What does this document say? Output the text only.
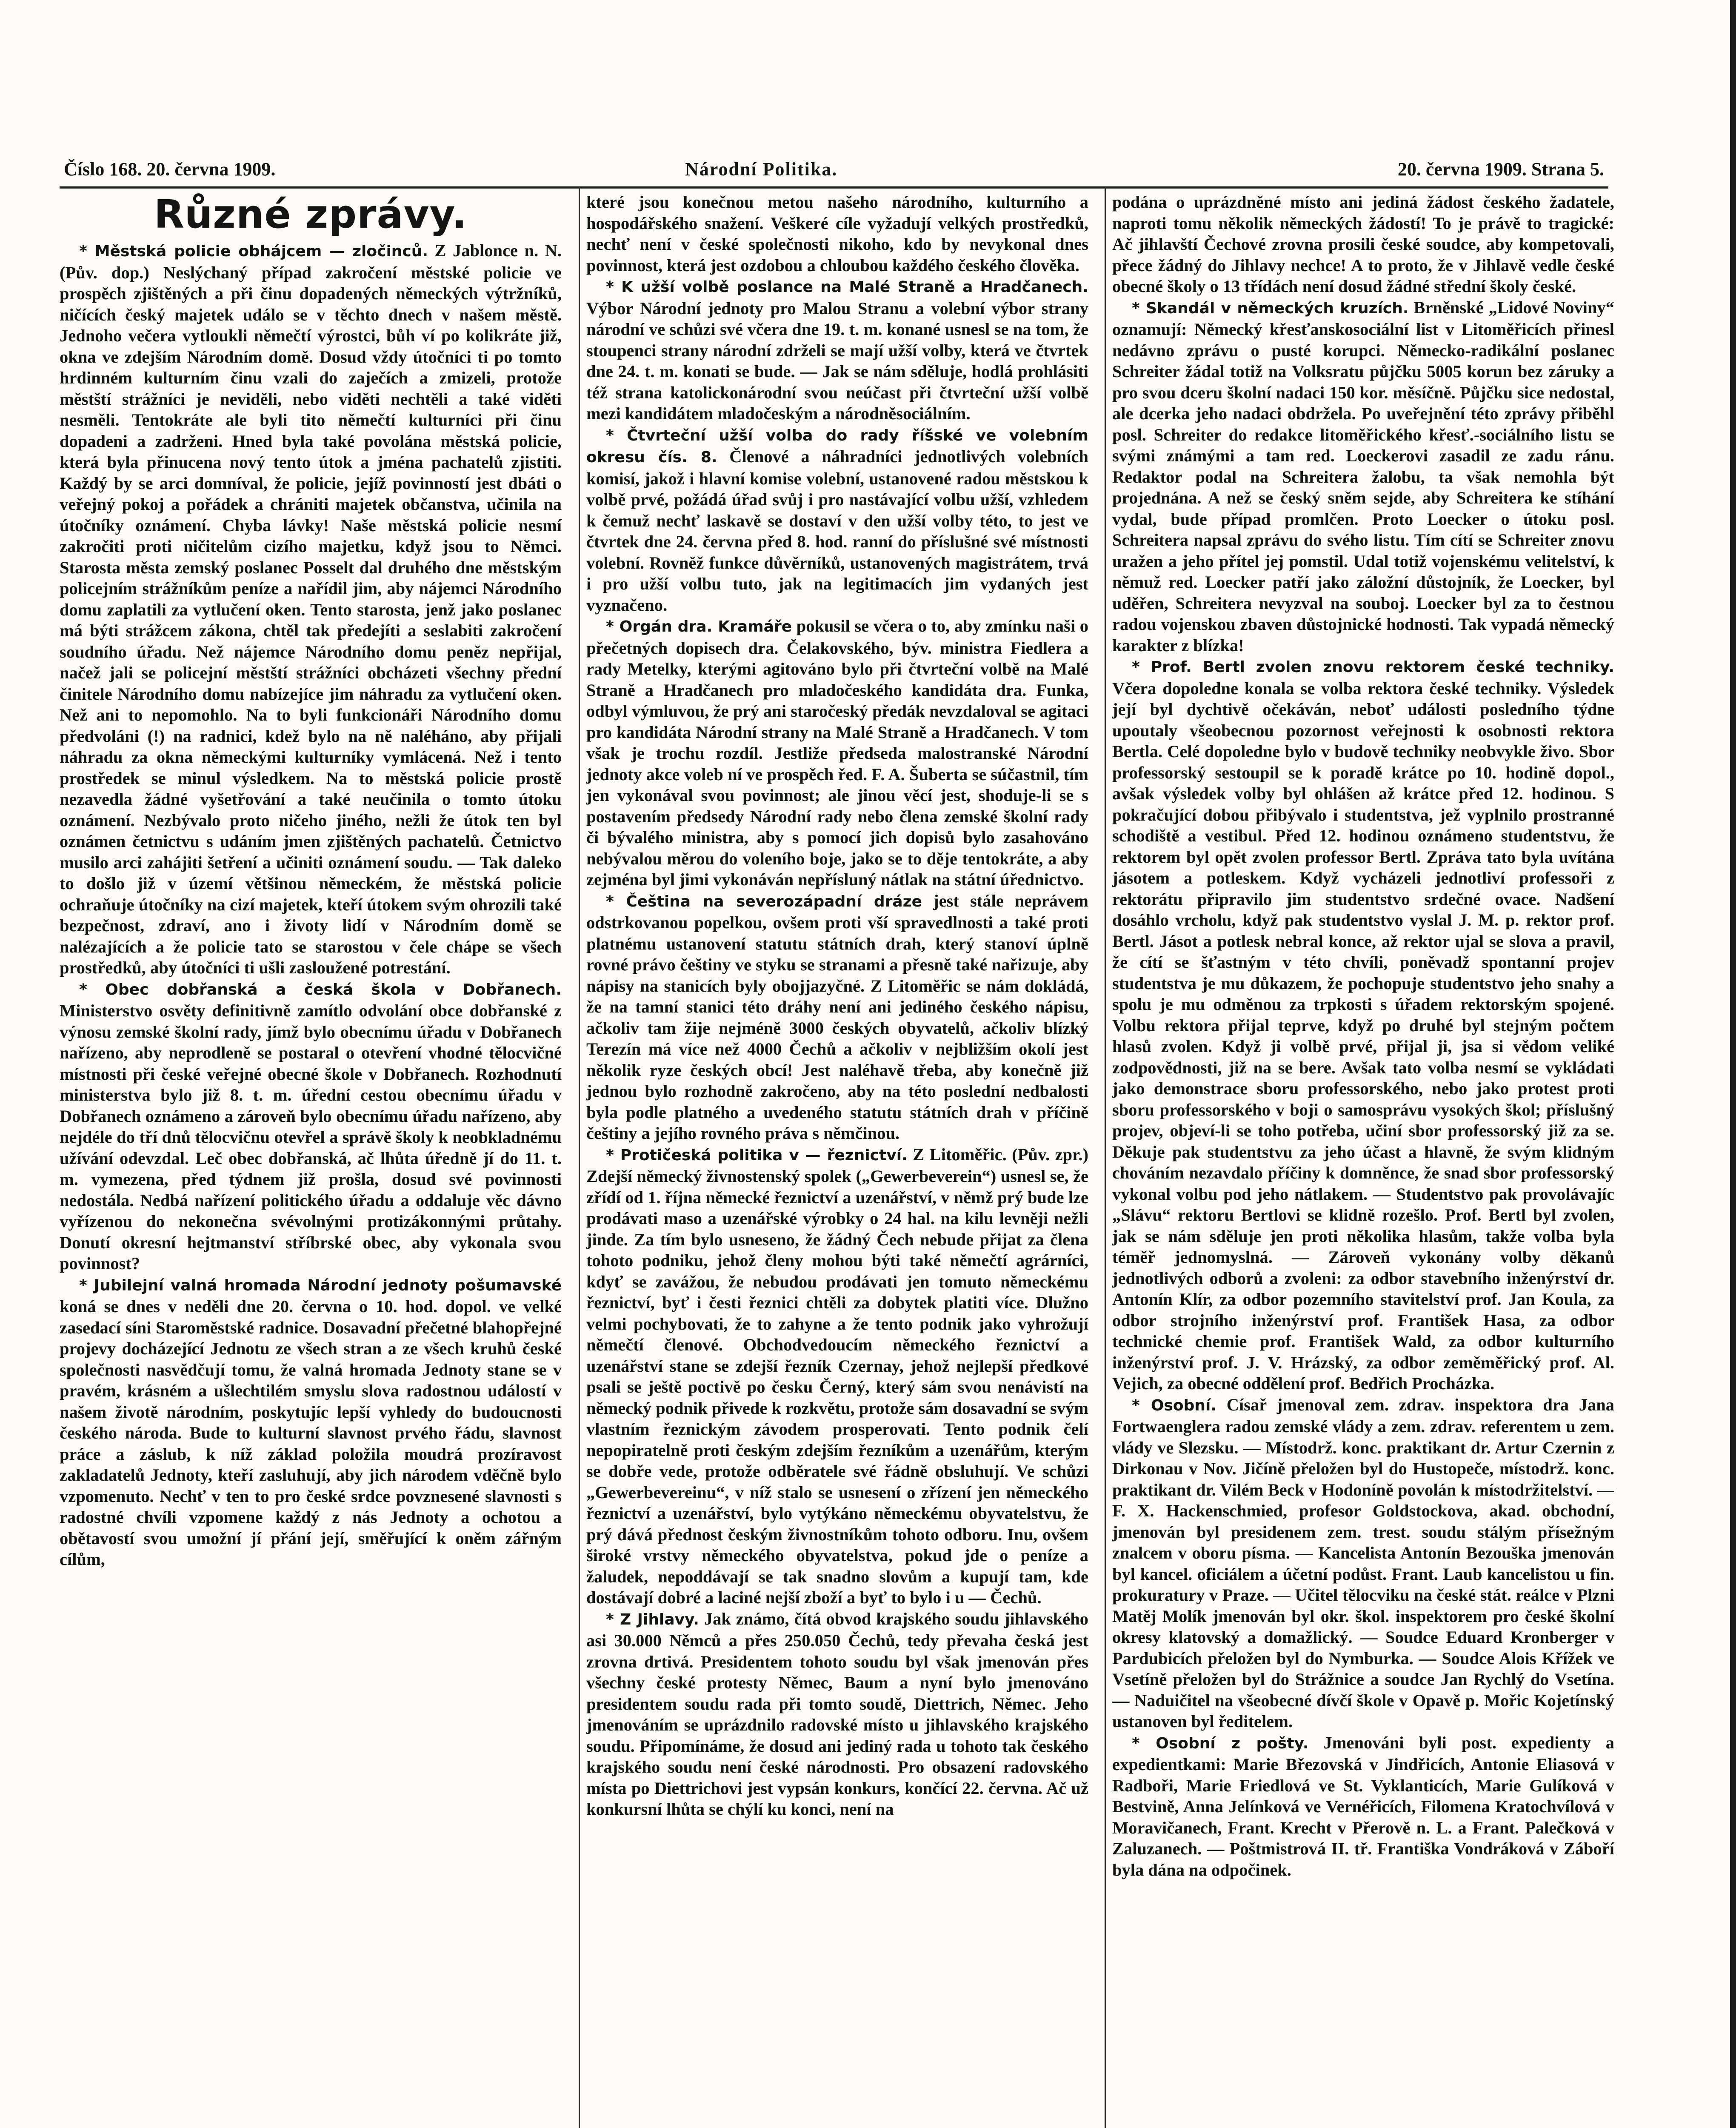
Číslo 168. 20. června 1909.	Národní Politika.	20. června 1909. Strana 5.
Různé zprávy.

* Městská policie obhájcem — zločinců. Z Jablonce n. N. (Pův. dop.) Neslýchaný případ zakročení městské policie ve prospěch zjištěných a při činu dopadených německých výtržníků, ničících český majetek událo se v těchto dnech v našem městě. Jednoho večera vytloukli němečtí výrostci, bůh ví po kolikráte již, okna ve zdejším Národním domě. Dosud vždy útočníci ti po tomto hrdinném kulturním činu vzali do zaječích a zmizeli, protože městští strážníci je neviděli, nebo viděti nechtěli a také viděti nesměli. Tentokráte ale byli tito němečtí kulturníci při činu dopadeni a zadrženi. Hned byla také povolána městská policie, která byla přinucena nový tento útok a jména pachatelů zjistiti. Každý by se arci domníval, že policie, jejíž povinností jest dbáti o veřejný pokoj a pořádek a chrániti majetek občanstva, učinila na útočníky oznámení. Chyba lávky! Naše městská policie nesmí zakročiti proti ničitelům cizího majetku, když jsou to Němci. Starosta města zemský poslanec Posselt dal druhého dne městským policejním strážníkům peníze a nařídil jim, aby nájemci Národního domu zaplatili za vytlučení oken. Tento starosta, jenž jako poslanec má býti strážcem zákona, chtěl tak předejíti a seslabiti zakročení soudního úřadu. Než nájemce Národního domu peněz nepřijal, načež jali se policejní městští strážníci obcházeti všechny přední činitele Národního domu nabízejíce jim náhradu za vytlučení oken. Než ani to nepomohlo. Na to byli funkcionáři Národního domu předvoláni (!) na radnici, kdež bylo na ně naléháno, aby přijali náhradu za okna německými kulturníky vymlácená. Než i tento prostředek se minul výsledkem. Na to městská policie prostě nezavedla žádné vyšetřování a také neučinila o tomto útoku oznámení. Nezbývalo proto ničeho jiného, nežli že útok ten byl oznámen četnictvu s udáním jmen zjištěných pachatelů. Četnictvo musilo arci zahájiti šetření a učiniti oznámení soudu. — Tak daleko to došlo již v území většinou německém, že městská policie ochraňuje útočníky na cizí majetek, kteří útokem svým ohrozili také bezpečnost, zdraví, ano i životy lidí v Národním domě se nalézajících a že policie tato se starostou v čele chápe se všech prostředků, aby útočníci ti ušli zasloužené potrestání.

* Obec dobřanská a česká škola v Dobřanech. Ministerstvo osvěty definitivně zamítlo odvolání obce dobřanské z výnosu zemské školní rady, jímž bylo obecnímu úřadu v Dobřanech nařízeno, aby neprodleně se postaral o otevření vhodné tělocvičné místnosti při české veřejné obecné škole v Dobřanech. Rozhodnutí ministerstva bylo již 8. t. m. úřední cestou obecnímu úřadu v Dobřanech oznámeno a zároveň bylo obecnímu úřadu nařízeno, aby nejdéle do tří dnů tělocvičnu otevřel a správě školy k neobkladnému užívání odevzdal. Leč obec dobřanská, ač lhůta úředně jí do 11. t. m. vymezena, před týdnem již prošla, dosud své povinnosti nedostála. Nedbá nařízení politického úřadu a oddaluje věc dávno vyřízenou do nekonečna svévolnými protizákonnými průtahy. Donutí okresní hejtmanství stříbrské obec, aby vykonala svou povinnost?

* Jubilejní valná hromada Národní jednoty pošumavské koná se dnes v neděli dne 20. června o 10. hod. dopol. ve velké zasedací síni Staroměstské radnice. Dosavadní přečetné blahopřejné projevy docházející Jednotu ze všech stran a ze všech kruhů české společnosti nasvědčují tomu, že valná hromada Jednoty stane se v pravém, krásném a ušlechtilém smyslu slova radostnou událostí v našem životě národním, poskytujíc lepší vyhledy do budoucnosti českého národa. Bude to kulturní slavnost prvého řádu, slavnost práce a záslub, k níž základ položila moudrá prozíravost zakladatelů Jednoty, kteří zasluhují, aby jich národem vděčně bylo vzpomenuto. Nechť v ten to pro české srdce povznesené slavnosti s radostné chvíli vzpomene každý z nás Jednoty a ochotou a obětavostí svou umožní jí přání její, směřující k oněm zářným cílům,

které jsou konečnou metou našeho národního, kulturního a hospodářského snažení. Veškeré cíle vyžadují velkých prostředků, nechť není v české společnosti nikoho, kdo by nevykonal dnes povinnost, která jest ozdobou a chloubou každého českého člověka.

* K užší volbě poslance na Malé Straně a Hradčanech. Výbor Národní jednoty pro Malou Stranu a volební výbor strany národní ve schůzi své včera dne 19. t. m. konané usnesl se na tom, že stoupenci strany národní zdrželi se mají užší volby, která ve čtvrtek dne 24. t. m. konati se bude. — Jak se nám sděluje, hodlá prohlásiti též strana katolickonárodní svou neúčast při čtvrteční užší volbě mezi kandidátem mladočeským a národněsociálním.

* Čtvrteční užší volba do rady říšské ve volebním okresu čís. 8. Členové a náhradníci jednotlivých volebních komisí, jakož i hlavní komise volební, ustanovené radou městskou k volbě prvé, požádá úřad svůj i pro nastávající volbu užší, vzhledem k čemuž nechť laskavě se dostaví v den užší volby této, to jest ve čtvrtek dne 24. června před 8. hod. ranní do příslušné své místnosti volební. Rovněž funkce důvěrníků, ustanovených magistrátem, trvá i pro užší volbu tuto, jak na legitimacích jim vydaných jest vyznačeno.

* Orgán dra. Kramáře pokusil se včera o to, aby zmínku naši o přečetných dopisech dra. Čelakovského, býv. ministra Fiedlera a rady Metelky, kterými agitováno bylo při čtvrteční volbě na Malé Straně a Hradčanech pro mladočeského kandidáta dra. Funka, odbyl výmluvou, že prý ani staročeský předák nevzdaloval se agitaci pro kandidáta Národní strany na Malé Straně a Hradčanech. V tom však je trochu rozdíl. Jestliže předseda malostranské Národní jednoty akce voleb ní ve prospěch řed. F. A. Šuberta se súčastnil, tím jen vykonával svou povinnost; ale jinou věcí jest, shoduje-li se s postavením předsedy Národní rady nebo člena zemské školní rady či bývalého ministra, aby s pomocí jich dopisů bylo zasahováno nebývalou měrou do voleního boje, jako se to děje tentokráte, a aby zejména byl jimi vykonáván nepřísluný nátlak na státní úřednictvo.

* Čeština na severozápadní dráze jest stále neprávem odstrkovanou popelkou, ovšem proti vší spravedlnosti a také proti platnému ustanovení statutu státních drah, který stanoví úplně rovné právo češtiny ve styku se stranami a přesně také nařizuje, aby nápisy na stanicích byly obojjazyčné. Z Litoměřic se nám dokládá, že na tamní stanici této dráhy není ani jediného českého nápisu, ačkoliv tam žije nejméně 3000 českých obyvatelů, ačkoliv blízký Terezín má více než 4000 Čechů a ačkoliv v nejbližším okolí jest několik ryze českých obcí! Jest naléhavě třeba, aby konečně již jednou bylo rozhodně zakročeno, aby na této poslední nedbalosti byla podle platného a uvedeného statutu státních drah v příčině češtiny a jejího rovného práva s němčinou.

* Protičeská politika v — řeznictví. Z Litoměřic. (Pův. zpr.) Zdejší německý živnostenský spolek („Gewerbeverein“) usnesl se, že zřídí od 1. října německé řeznictví a uzenářství, v němž prý bude lze prodávati maso a uzenářské výrobky o 24 hal. na kilu levněji nežli jinde. Za tím bylo usneseno, že žádný Čech nebude přijat za člena tohoto podniku, jehož členy mohou býti také němečtí agrárníci, kdyť se zavážou, že nebudou prodávati jen tomuto německému řeznictví, byť i česti řeznici chtěli za dobytek platiti více. Dlužno velmi pochybovati, že to zahyne a že tento podnik jako vyhrožují němečtí členové. Obchodvedoucím německého řeznictví a uzenářství stane se zdejší řezník Czernay, jehož nejlepší předkové psali se ještě poctivě po česku Černý, který sám svou nenávistí na německý podnik přivede k rozkvětu, protože sám dosavadní se svým vlastním řeznickým závodem prosperovati. Tento podnik čelí nepopiratelně proti českým zdejším řezníkům a uzenářům, kterým se dobře vede, protože odběratele své řádně obsluhují. Ve schůzi „Gewerbevereinu“, v níž stalo se usnesení o zřízení jen německého řeznictví a uzenářství, bylo vytýkáno německému obyvatelstvu, že prý dává přednost českým živnostníkům tohoto odboru. Inu, ovšem široké vrstvy německého obyvatelstva, pokud jde o peníze a žaludek, nepoddávají se tak snadno slovům a kupují tam, kde dostávají dobré a laciné nejší zboží a byť to bylo i u — Čechů.

* Z Jihlavy. Jak známo, čítá obvod krajského soudu jihlavského asi 30.000 Němců a přes 250.050 Čechů, tedy převaha česká jest zrovna drtivá. Presidentem tohoto soudu byl však jmenován přes všechny české protesty Němec, Baum a nyní bylo jmenováno presidentem soudu rada při tomto soudě, Diettrich, Němec. Jeho jmenováním se uprázdnilo radovské místo u jihlavského krajského soudu. Připomínáme, že dosud ani jediný rada u tohoto tak českého krajského soudu není české národnosti. Pro obsazení radovského místa po Diettrichovi jest vypsán konkurs, končící 22. června. Ač už konkursní lhůta se chýlí ku konci, není na

podána o uprázdněné místo ani jediná žádost českého žadatele, naproti tomu několik německých žádostí! To je právě to tragické: Ač jihlavští Čechové zrovna prosili české soudce, aby kompetovali, přece žádný do Jihlavy nechce! A to proto, že v Jihlavě vedle české obecné školy o 13 třídách není dosud žádné střední školy české.

* Skandál v německých kruzích. Brněnské „Lidové Noviny“ oznamují: Německý křesťanskosociální list v Litoměřicích přinesl nedávno zprávu o pusté korupci. Německo-radikální poslanec Schreiter žádal totiž na Volksratu půjčku 5005 korun bez záruky a pro svou dceru školní nadaci 150 kor. měsíčně. Půjčku sice nedostal, ale dcerka jeho nadaci obdržela. Po uveřejnění této zprávy přiběhl posl. Schreiter do redakce litoměřického křesť.-sociálního listu se svými známými a tam red. Loeckerovi zasadil ze zadu ránu. Redaktor podal na Schreitera žalobu, ta však nemohla být projednána. A než se český sněm sejde, aby Schreitera ke stíhání vydal, bude případ promlčen. Proto Loecker o útoku posl. Schreitera napsal zprávu do svého listu. Tím cítí se Schreiter znovu uražen a jeho přítel jej pomstil. Udal totiž vojenskému velitelství, k němuž red. Loecker patří jako záložní důstojník, že Loecker, byl uděřen, Schreitera nevyzval na souboj. Loecker byl za to čestnou radou vojenskou zbaven důstojnické hodnosti. Tak vypadá německý karakter z blízka!

* Prof. Bertl zvolen znovu rektorem české techniky. Včera dopoledne konala se volba rektora české techniky. Výsledek její byl dychtivě očekáván, neboť události posledního týdne upoutaly všeobecnou pozornost veřejnosti k osobnosti rektora Bertla. Celé dopoledne bylo v budově techniky neobvykle živo. Sbor professorský sestoupil se k poradě krátce po 10. hodině dopol., avšak výsledek volby byl ohlášen až krátce před 12. hodinou. S pokračující dobou přibývalo i studentstva, jež vyplnilo prostranné schodiště a vestibul. Před 12. hodinou oznámeno studentstvu, že rektorem byl opět zvolen professor Bertl. Zpráva tato byla uvítána jásotem a potleskem. Když vycházeli jednotliví professoři z rektorátu připravilo jim studentstvo srdečné ovace. Nadšení dosáhlo vrcholu, když pak studentstvo vyslal J. M. p. rektor prof. Bertl. Jásot a potlesk nebral konce, až rektor ujal se slova a pravil, že cítí se šťastným v této chvíli, poněvadž spontanní projev studentstva je mu důkazem, že pochopuje studentstvo jeho snahy a spolu je mu odměnou za trpkosti s úřadem rektorským spojené. Volbu rektora přijal teprve, když po druhé byl stejným počtem hlasů zvolen. Když ji volbě prvé, přijal ji, jsa si vědom veliké zodpovědnosti, již na se bere. Avšak tato volba nesmí se vykládati jako demonstrace sboru professorského, nebo jako protest proti sboru professorského v boji o samosprávu vysokých škol; příslušný projev, objeví-li se toho potřeba, učiní sbor professorský již za se. Děkuje pak studentstvu za jeho účast a hlavně, že svým klidným chováním nezavdalo příčiny k domněnce, že snad sbor professorský vykonal volbu pod jeho nátlakem. — Studentstvo pak provolávajíc „Slávu“ rektoru Bertlovi se klidně rozešlo. Prof. Bertl byl zvolen, jak se nám sděluje jen proti několika hlasům, takže volba byla téměř jednomyslná. — Zároveň vykonány volby děkanů jednotlivých odborů a zvoleni: za odbor stavebního inženýrství dr. Antonín Klír, za odbor pozemního stavitelství prof. Jan Koula, za odbor strojního inženýrství prof. František Hasa, za odbor technické chemie prof. František Wald, za odbor kulturního inženýrství prof. J. V. Hrázský, za odbor zeměměřický prof. Al. Vejich, za obecné oddělení prof. Bedřich Procházka.

* Osobní. Císař jmenoval zem. zdrav. inspektora dra Jana Fortwaenglera radou zemské vlády a zem. zdrav. referentem u zem. vlády ve Slezsku. — Místodrž. konc. praktikant dr. Artur Czernin z Dirkonau v Nov. Jičíně přeložen byl do Hustopeče, místodrž. konc. praktikant dr. Vilém Beck v Hodoníně povolán k místodržitelství. — F. X. Hackenschmied, profesor Goldstockova, akad. obchodní, jmenován byl presidenem zem. trest. soudu stálým přísežným znalcem v oboru písma. — Kancelista Antonín Bezouška jmenován byl kancel. oficiálem a účetní podůst. Frant. Laub kancelistou u fin. prokuratury v Praze. — Učitel tělocviku na české stát. reálce v Plzni Matěj Molík jmenován byl okr. škol. inspektorem pro české školní okresy klatovský a domažlický. — Soudce Eduard Kronberger v Pardubicích přeložen byl do Nymburka. — Soudce Alois Křížek ve Vsetíně přeložen byl do Strážnice a soudce Jan Rychlý do Vsetína. — Naduičitel na všeobecné dívčí škole v Opavě p. Mořic Kojetínský ustanoven byl ředitelem.

* Osobní z pošty. Jmenováni byli post. expedienty a expedientkami: Marie Březovská v Jindřicích, Antonie Eliasová v Radboři, Marie Friedlová ve St. Vyklanticích, Marie Gulíková v Bestvině, Anna Jelínková ve Vernéřicích, Filomena Kratochvílová v Moravičanech, Frant. Krecht v Přerově n. L. a Frant. Palečková v Zaluzanech. — Poštmistrová II. tř. Františka Vondráková v Záboří byla dána na odpočinek.
